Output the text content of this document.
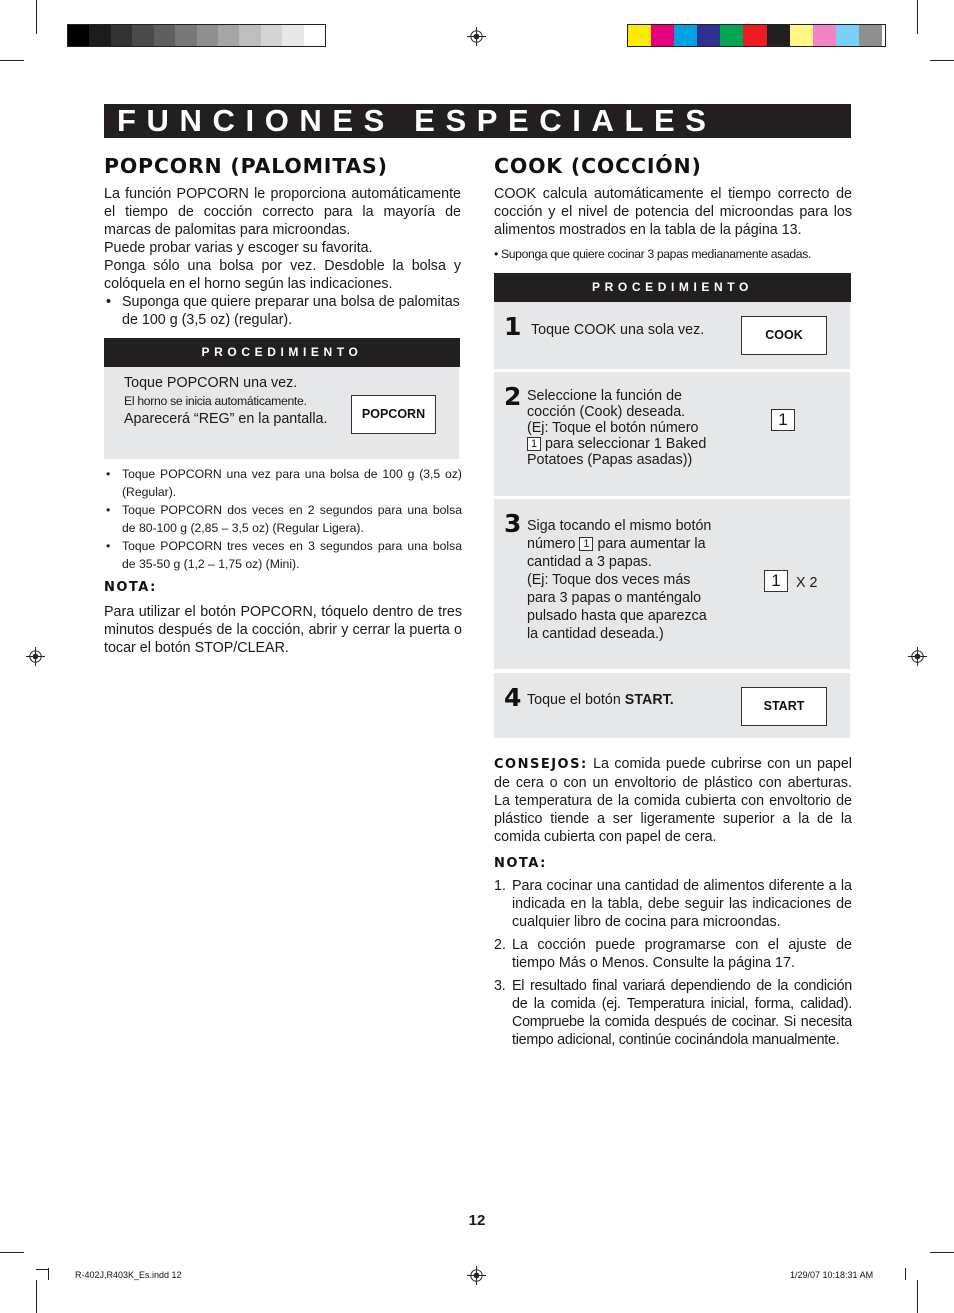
FUNCIONES ESPECIALES
POPCORN (PALOMITAS)
La función POPCORN le proporciona automáticamente el tiempo de cocción correcto para la mayoría de marcas de palomitas para microondas.
Puede probar varias y escoger su favorita.
Ponga sólo una bolsa por vez. Desdoble la bolsa y colóquela en el horno según las indicaciones.
• Suponga que quiere preparar una bolsa de palomitas de 100 g (3,5 oz) (regular).
PROCEDIMIENTO
Toque POPCORN una vez.
El horno se inicia automáticamente.
Aparecerá “REG” en la pantalla.	POPCORN
• Toque POPCORN una vez para una bolsa de 100 g (3,5 oz) (Regular).
• Toque POPCORN dos veces en 2 segundos para una bolsa de 80-100 g (2,85 – 3,5 oz) (Regular Ligera).
• Toque POPCORN tres veces en 3 segundos para una bolsa de 35-50 g (1,2 – 1,75 oz) (Mini).
NOTA:
Para utilizar el botón POPCORN, tóquelo dentro de tres minutos después de la cocción, abrir y cerrar la puerta o tocar el botón STOP/CLEAR.
COOK (COCCIÓN)
COOK calcula automáticamente el tiempo correcto de cocción y el nivel de potencia del microondas para los alimentos mostrados en la tabla de la página 13.
• Suponga que quiere cocinar 3 papas medianamente asadas.
PROCEDIMIENTO
1 Toque COOK una sola vez.	COOK
2 Seleccione la función de cocción (Cook) deseada.
(Ej: Toque el botón número
1 para seleccionar 1 Baked Potatoes (Papas asadas))
1
3 Siga tocando el mismo botón número 1 para aumentar la cantidad a 3 papas.
(Ej: Toque dos veces más para 3 papas o manténgalo pulsado hasta que aparezca la cantidad deseada.)
1	X 2
4 Toque el botón START.	START
CONSEJOS: La comida puede cubrirse con un papel de cera o con un envoltorio de plástico con aberturas. La temperatura de la comida cubierta con envoltorio de plástico tiende a ser ligeramente superior a la de la comida cubierta con papel de cera.
NOTA:
1. Para cocinar una cantidad de alimentos diferente a la indicada en la tabla, debe seguir las indicaciones de cualquier libro de cocina para microondas.
2. La cocción puede programarse con el ajuste de tiempo Más o Menos. Consulte la página 17.
3. El resultado final variará dependiendo de la condición de la comida (ej. Temperatura inicial, forma, calidad). Compruebe la comida después de cocinar. Si necesita tiempo adicional, continúe cocinándola manualmente.
12
R-402J,R403K_Es.indd 12	1/29/07 10:18:31 AM
